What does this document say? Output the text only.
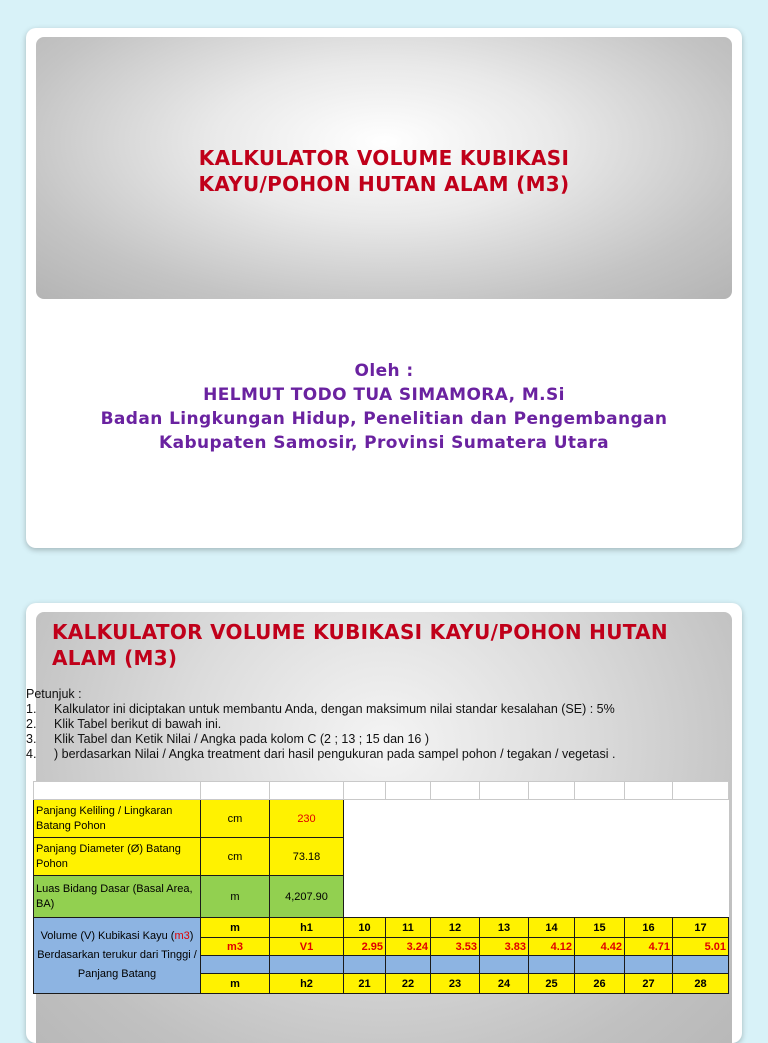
KALKULATOR VOLUME KUBIKASI
KAYU/POHON HUTAN ALAM (M3)
Oleh :
HELMUT TODO TUA SIMAMORA, M.Si
Badan Lingkungan Hidup, Penelitian dan Pengembangan
Kabupaten Samosir, Provinsi Sumatera Utara
KALKULATOR VOLUME KUBIKASI KAYU/POHON HUTAN ALAM (M3)
Petunjuk :
1. Kalkulator ini diciptakan untuk membantu Anda, dengan maksimum nilai standar kesalahan (SE) : 5%
2. Klik Tabel berikut di bawah ini.
3. Klik Tabel dan Ketik Nilai / Angka pada kolom C (2 ; 13 ; 15 dan 16 )
4. ) berdasarkan Nilai / Angka treatment dari hasil pengukuran pada sampel pohon / tegakan / vegetasi .

Panjang Keliling / Lingkaran Batang Pohon	cm	230								
Panjang Diameter (Ø) Batang Pohon	cm	73.18								
Luas Bidang Dasar (Basal Area, BA)	m	4,207.90								
Volume (V) Kubikasi Kayu (m3) Berdasarkan terukur dari Tinggi / Panjang Batang	m	h1	10	11	12	13	14	15	16	17
	m3	V1	2.95	3.24	3.53	3.83	4.12	4.42	4.71	5.01

	m	h2	21	22	23	24	25	26	27	28
